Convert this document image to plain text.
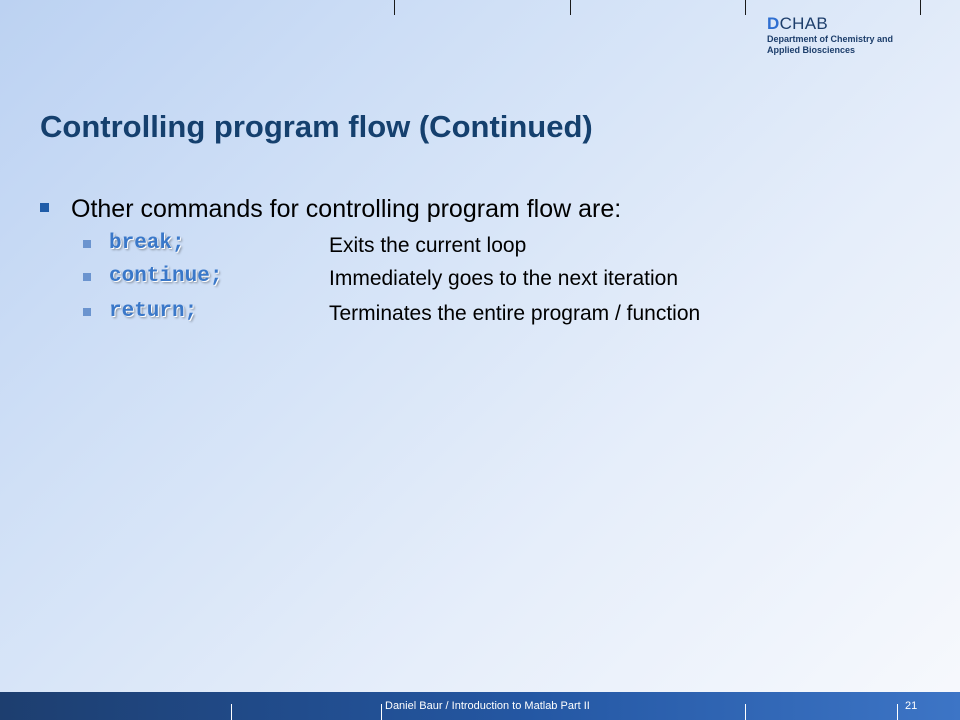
DCHAB
Department of Chemistry and
Applied Biosciences
Controlling program flow (Continued)
Other commands for controlling program flow are:
break;	Exits the current loop
continue;	Immediately goes to the next iteration
return;	Terminates the entire program / function
Daniel Baur / Introduction to Matlab Part II	21
